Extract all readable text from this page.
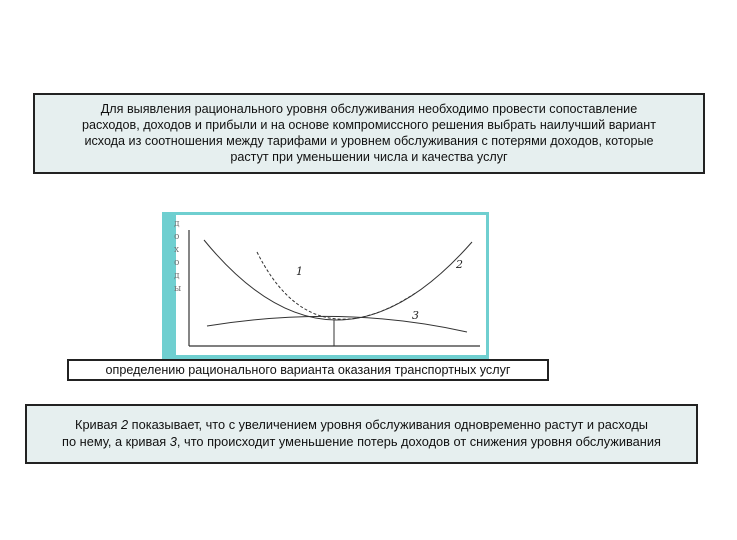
Для выявления рационального уровня обслуживания необходимо провести сопоставление

расходов, доходов и прибыли и на основе компромиссного решения выбрать наилучший вариант

исхода из соотношения между тарифами и уровнем обслуживания с потерями доходов, которые

растут при уменьшении числа и качества услуг

д
о
х
о
д
ы
1
2
3
определению рационального варианта оказания транспортных услуг

Кривая 2 показывает, что с увеличением уровня обслуживания одновременно растут и расходы

по нему, а кривая 3, что происходит уменьшение потерь доходов от снижения уровня обслуживания
